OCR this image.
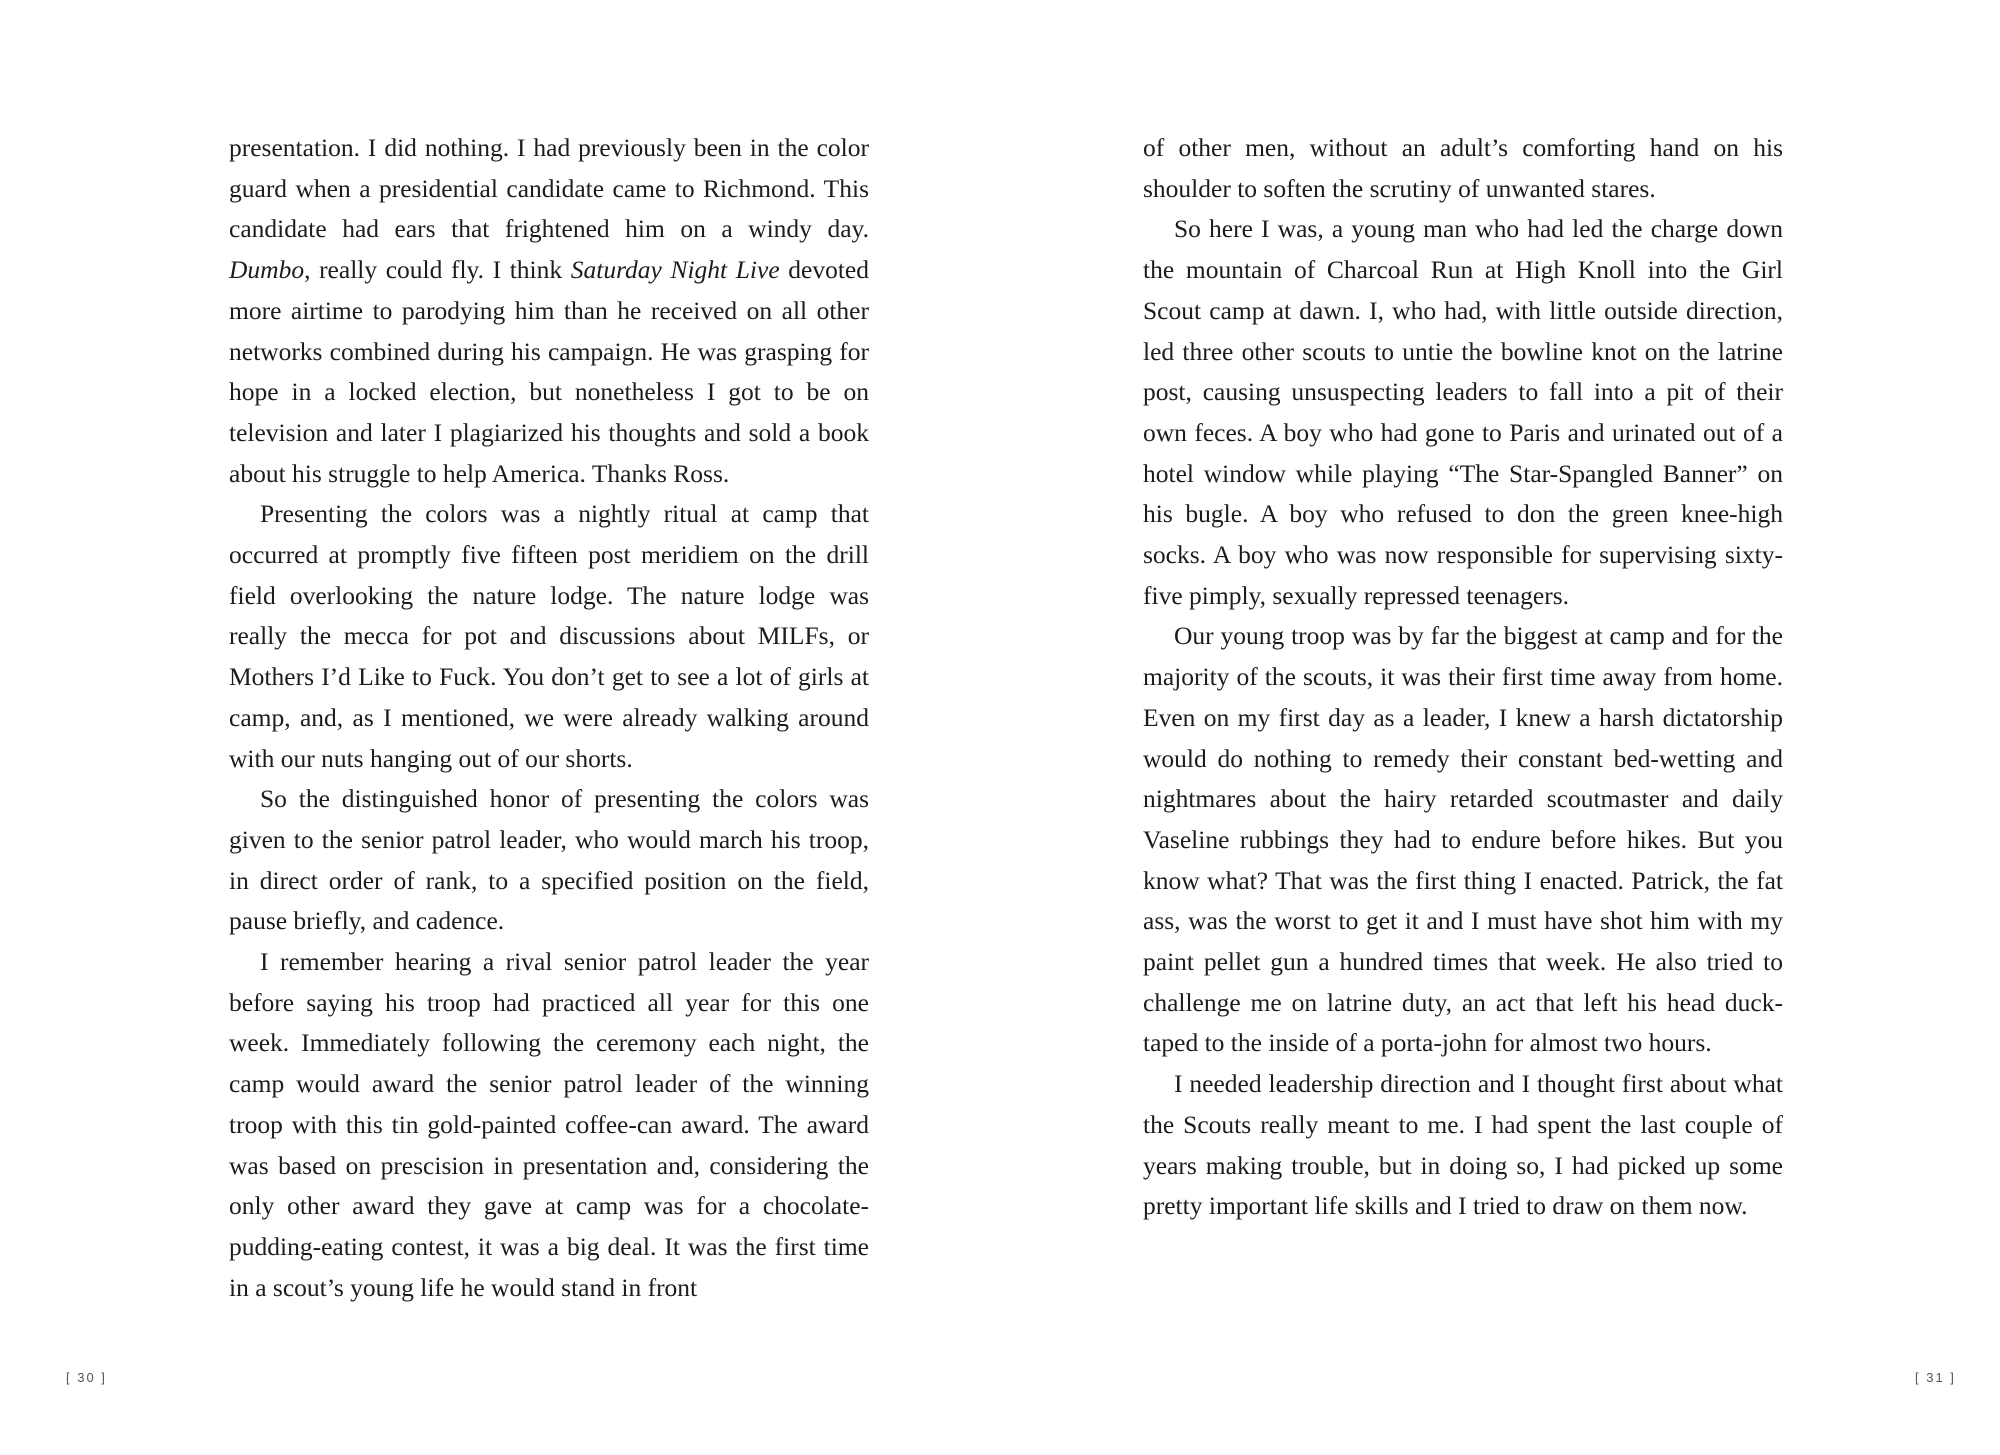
presentation. I did nothing. I had previously been in the color guard when a presidential candidate came to Richmond. This candidate had ears that frightened him on a windy day. Dumbo, really could fly. I think Saturday Night Live devoted more airtime to parodying him than he received on all other networks combined during his campaign. He was grasping for hope in a locked election, but nonetheless I got to be on television and later I plagiarized his thoughts and sold a book about his struggle to help America. Thanks Ross.

Presenting the colors was a nightly ritual at camp that occurred at promptly five fifteen post meridiem on the drill field overlooking the nature lodge. The nature lodge was really the mecca for pot and discussions about MILFs, or Mothers I’d Like to Fuck. You don’t get to see a lot of girls at camp, and, as I mentioned, we were already walking around with our nuts hanging out of our shorts.

So the distinguished honor of presenting the colors was given to the senior patrol leader, who would march his troop, in direct order of rank, to a specified position on the field, pause briefly, and cadence.

I remember hearing a rival senior patrol leader the year before saying his troop had practiced all year for this one week. Immediately following the ceremony each night, the camp would award the senior patrol leader of the winning troop with this tin gold-painted coffee-can award. The award was based on prescision in presentation and, considering the only other award they gave at camp was for a chocolate-pudding-eating contest, it was a big deal. It was the first time in a scout’s young life he would stand in front

of other men, without an adult’s comforting hand on his shoulder to soften the scrutiny of unwanted stares.

So here I was, a young man who had led the charge down the mountain of Charcoal Run at High Knoll into the Girl Scout camp at dawn. I, who had, with little outside direction, led three other scouts to untie the bowline knot on the latrine post, causing unsuspecting leaders to fall into a pit of their own feces. A boy who had gone to Paris and urinated out of a hotel window while playing “The Star-Spangled Banner” on his bugle. A boy who refused to don the green knee-high socks. A boy who was now responsible for supervising sixty-five pimply, sexually repressed teenagers.

Our young troop was by far the biggest at camp and for the majority of the scouts, it was their first time away from home. Even on my first day as a leader, I knew a harsh dictatorship would do nothing to remedy their constant bed-wetting and nightmares about the hairy retarded scoutmaster and daily Vaseline rubbings they had to endure before hikes. But you know what? That was the first thing I enacted. Patrick, the fat ass, was the worst to get it and I must have shot him with my paint pellet gun a hundred times that week. He also tried to challenge me on latrine duty, an act that left his head duck-taped to the inside of a porta-john for almost two hours.

I needed leadership direction and I thought first about what the Scouts really meant to me. I had spent the last couple of years making trouble, but in doing so, I had picked up some pretty important life skills and I tried to draw on them now.

[ 30 ]	[ 31 ]
